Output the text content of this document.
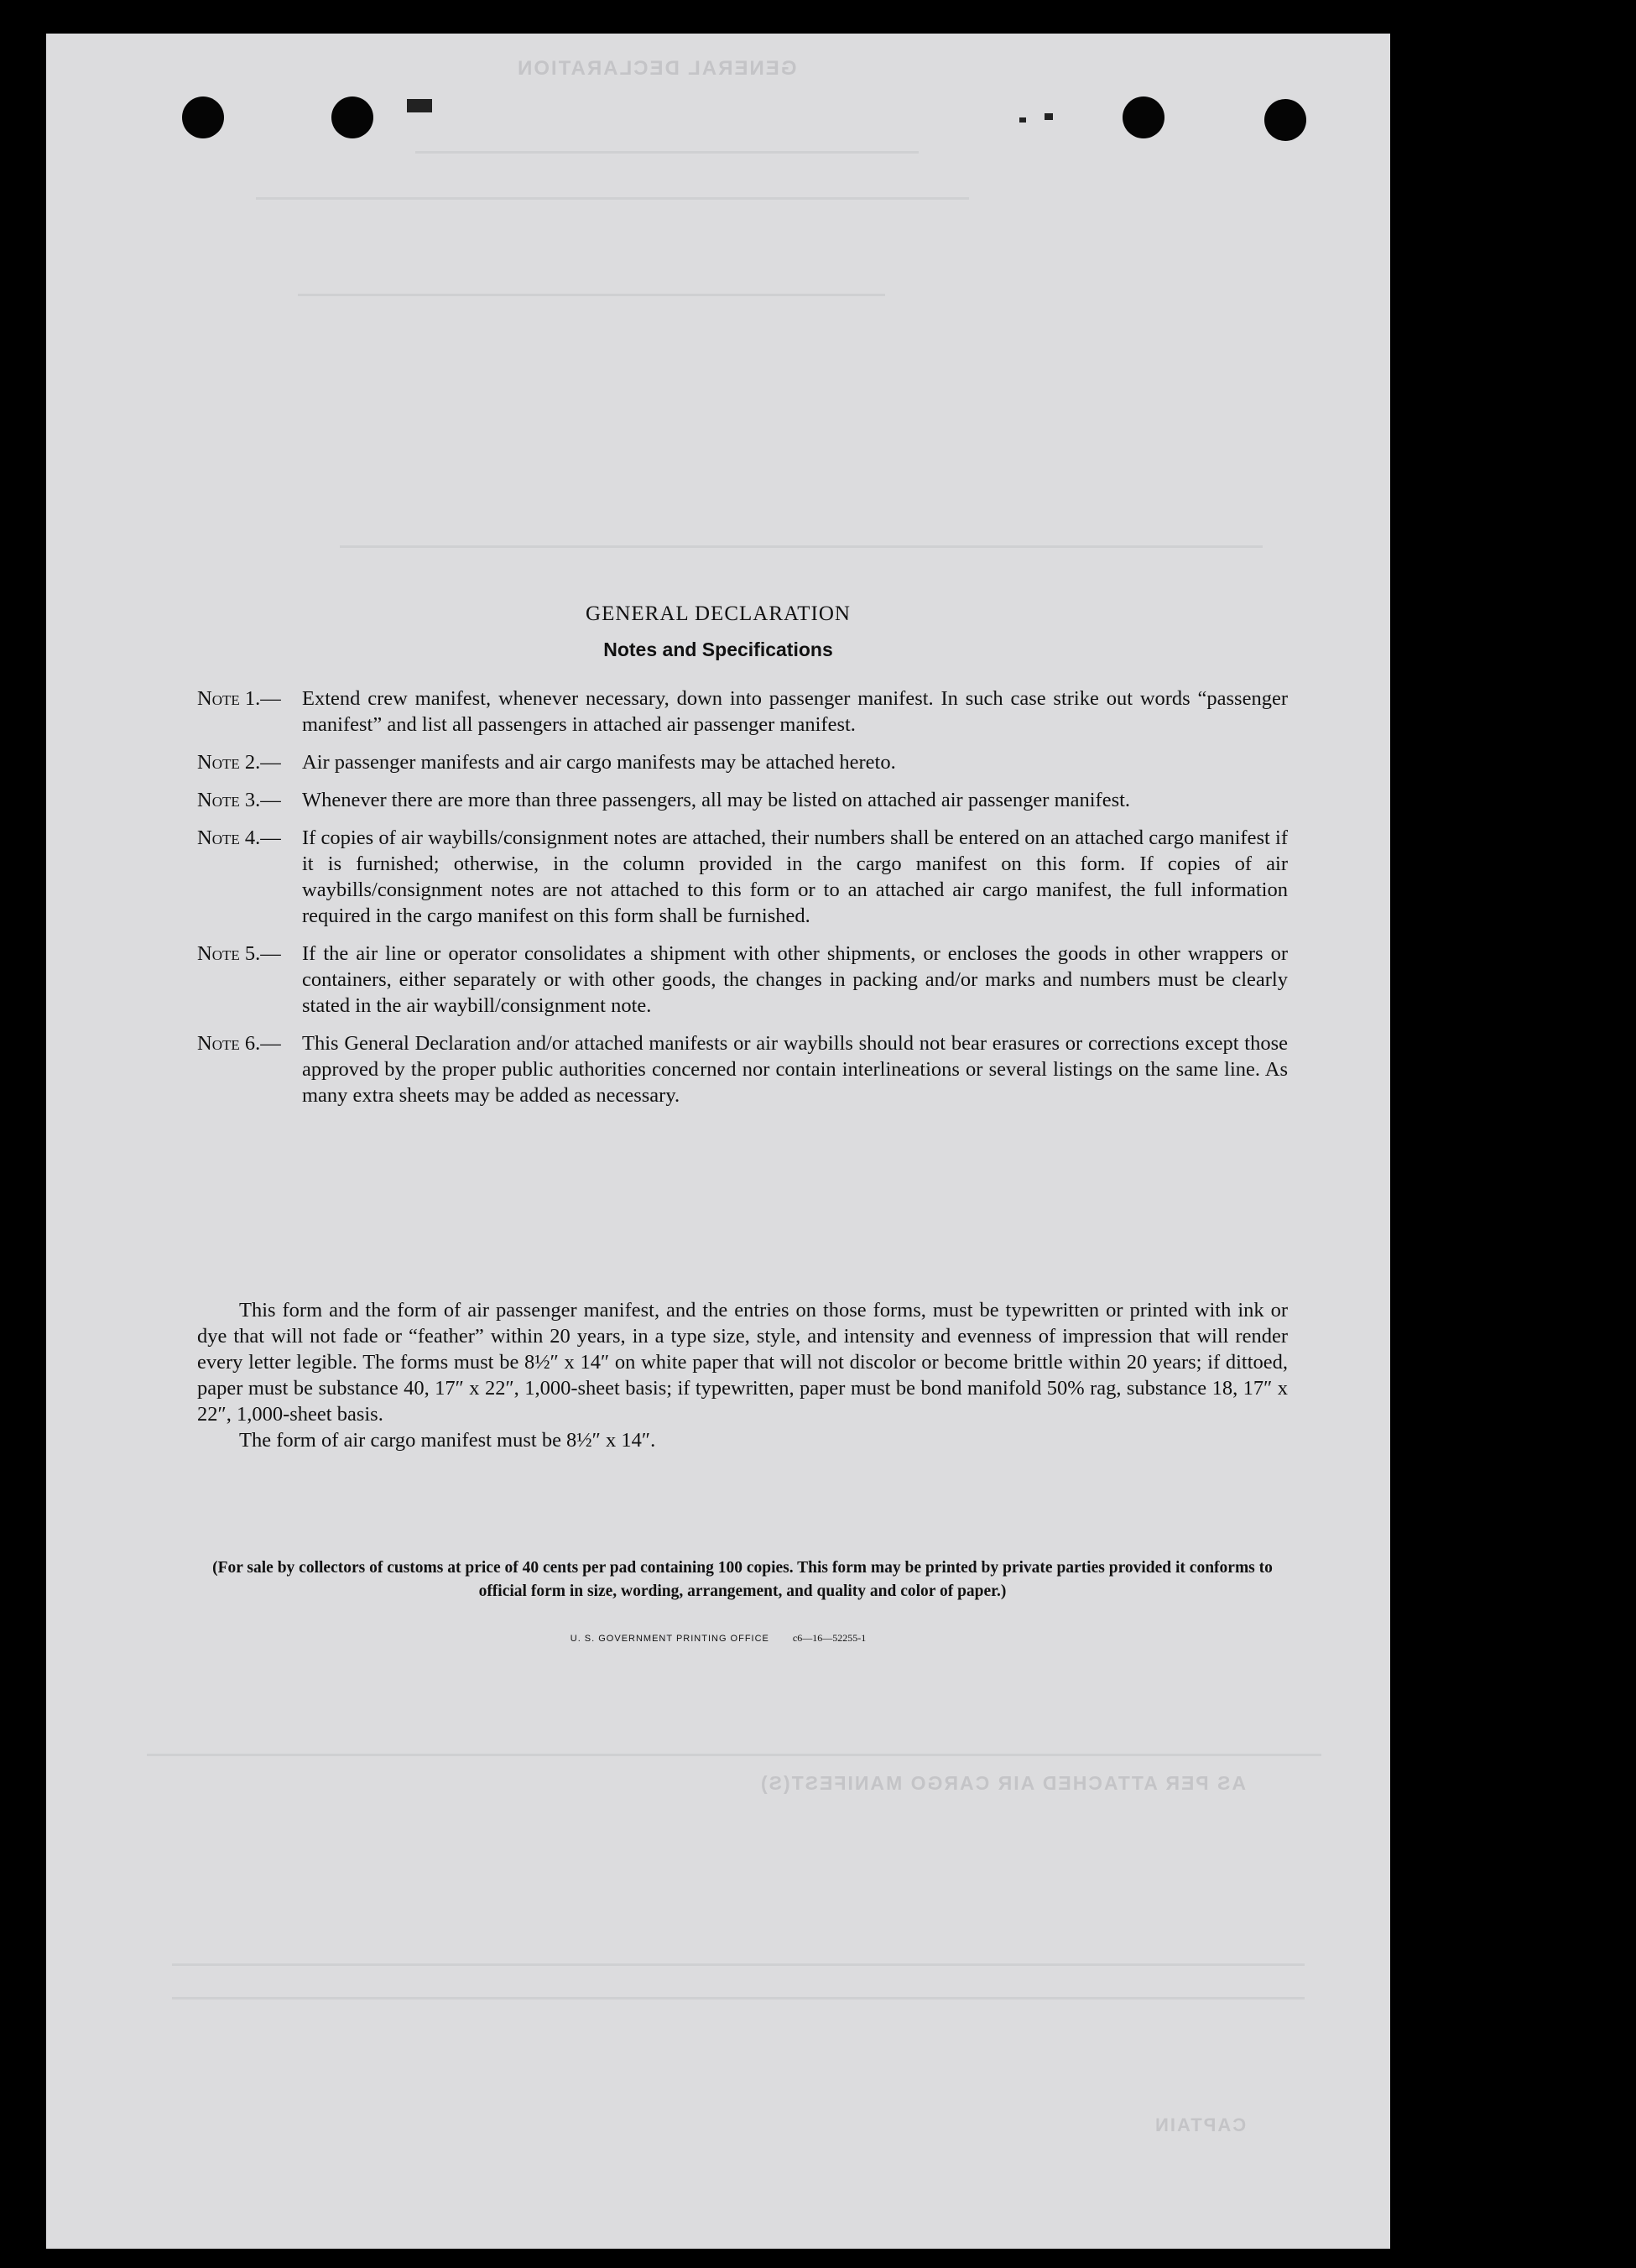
GENERAL DECLARATION
AS PER ATTACHED AIR CARGO MANIFEST(S)
CAPTAIN
GENERAL DECLARATION
Notes and Specifications
Note 1.—	Extend crew manifest, whenever necessary, down into passenger manifest. In such case strike out words “passenger manifest” and list all passengers in attached air passenger manifest.
Note 2.—	Air passenger manifests and air cargo manifests may be attached hereto.
Note 3.—	Whenever there are more than three passengers, all may be listed on attached air passenger manifest.
Note 4.—	If copies of air waybills/consignment notes are attached, their numbers shall be entered on an attached cargo manifest if it is furnished; otherwise, in the column provided in the cargo manifest on this form. If copies of air waybills/consignment notes are not attached to this form or to an attached air cargo manifest, the full information required in the cargo manifest on this form shall be furnished.
Note 5.—	If the air line or operator consolidates a shipment with other shipments, or encloses the goods in other wrappers or containers, either separately or with other goods, the changes in packing and/or marks and numbers must be clearly stated in the air waybill/consignment note.
Note 6.—	This General Declaration and/or attached manifests or air waybills should not bear erasures or corrections except those approved by the proper public authorities concerned nor contain interlineations or several listings on the same line. As many extra sheets may be added as necessary.

This form and the form of air passenger manifest, and the entries on those forms, must be typewritten or printed with ink or dye that will not fade or “feather” within 20 years, in a type size, style, and intensity and evenness of impression that will render every letter legible. The forms must be 8½″ x 14″ on white paper that will not discolor or become brittle within 20 years; if dittoed, paper must be substance 40, 17″ x 22″, 1,000-sheet basis; if typewritten, paper must be bond manifold 50% rag, substance 18, 17″ x 22″, 1,000-sheet basis.

The form of air cargo manifest must be 8½″ x 14″.

(For sale by collectors of customs at price of 40 cents per pad containing 100 copies. This form may be printed by private parties provided it conforms to official form in size, wording, arrangement, and quality and color of paper.)
U. S. GOVERNMENT PRINTING OFFICE c6—16—52255-1
